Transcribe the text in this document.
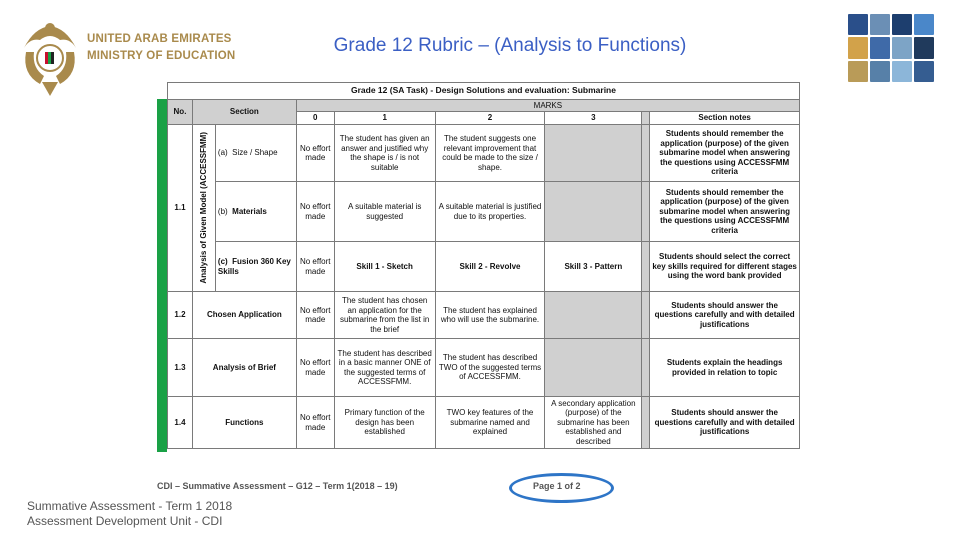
UNITED ARAB EMIRATES
MINISTRY OF EDUCATION	Grade 12 Rubric – (Analysis to Functions)
Grade 12 (SA Task) - Design Solutions and evaluation: Submarine								
No.	Section		MARKS					
			0	1	2	3		Section notes
1.1	Analysis of Given Model (ACCESSFMM)	(a) Size / Shape	No effort made	The student has given an answer and justified why the shape is / is not suitable	The student suggests one relevant improvement that could be made to the size / shape.			Students should remember the application (purpose) of the given submarine model when answering the questions using ACCESSFMM criteria
		(b) Materials	No effort made	A suitable material is suggested	A suitable material is justified due to its properties.			Students should remember the application (purpose) of the given submarine model when answering the questions using ACCESSFMM criteria
		(c) Fusion 360 Key Skills	No effort made	Skill 1 - Sketch	Skill 2 - Revolve	Skill 3 - Pattern		Students should select the correct key skills required for different stages using the word bank provided
1.2	Chosen Application		No effort made	The student has chosen an application for the submarine from the list in the brief	The student has explained who will use the submarine.			Students should answer the questions carefully and with detailed justifications
1.3	Analysis of Brief		No effort made	The student has described in a basic manner ONE of the suggested terms of ACCESSFMM.	The student has described TWO of the suggested terms of ACCESSFMM.			Students explain the headings provided in relation to topic
1.4	Functions		No effort made	Primary function of the design has been established	TWO key features of the submarine named and explained	A secondary application (purpose) of the submarine has been established and described		Students should answer the questions carefully and with detailed justifications
CDI – Summative Assessment – G12 – Term 1(2018 – 19)	Page 1 of 2
Summative Assessment - Term 1 2018
Assessment Development Unit - CDI
